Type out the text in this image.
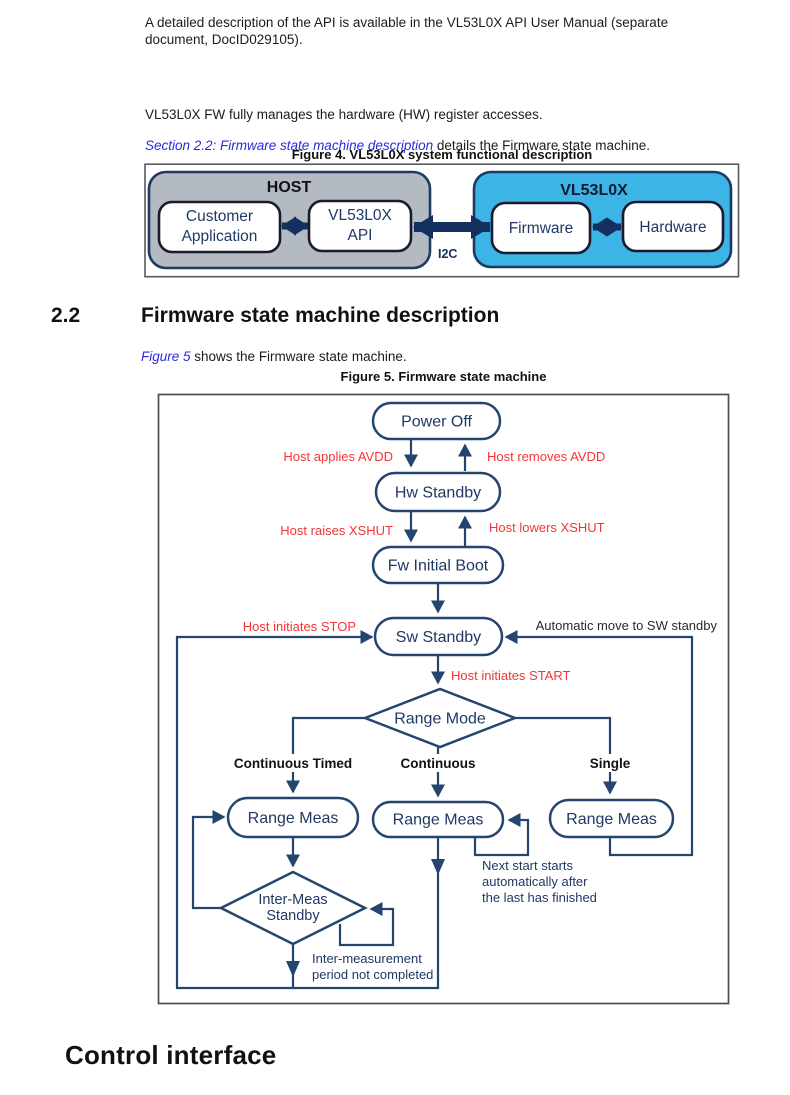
A detailed description of the API is available in the VL53L0X API User Manual (separate
document, DocID029105).
VL53L0X FW fully manages the hardware (HW) register accesses.
Section 2.2: Firmware state machine description details the Firmware state machine.
Figure 4. VL53L0X system functional description
HOST	VL53L0X
Customer
Application
VL53L0X
API	Firmware	Hardware
I2C
2.2	Firmware state machine description
Figure 5 shows the Firmware state machine.
Figure 5. Firmware state machine
Power Off
Hw Standby
Fw Initial Boot
Sw Standby
Range Mode
Range Meas	Range Meas	Range Meas
Inter-Meas
Standby
Host applies AVDD	Host removes AVDD
Host raises XSHUT	Host lowers XSHUT
Host initiates STOP
Host initiates START
Automatic move to SW standby
Continuous Timed	Continuous	Single
Next start starts
automatically after
the last has finished
Inter-measurement
period not completed
Control interface
